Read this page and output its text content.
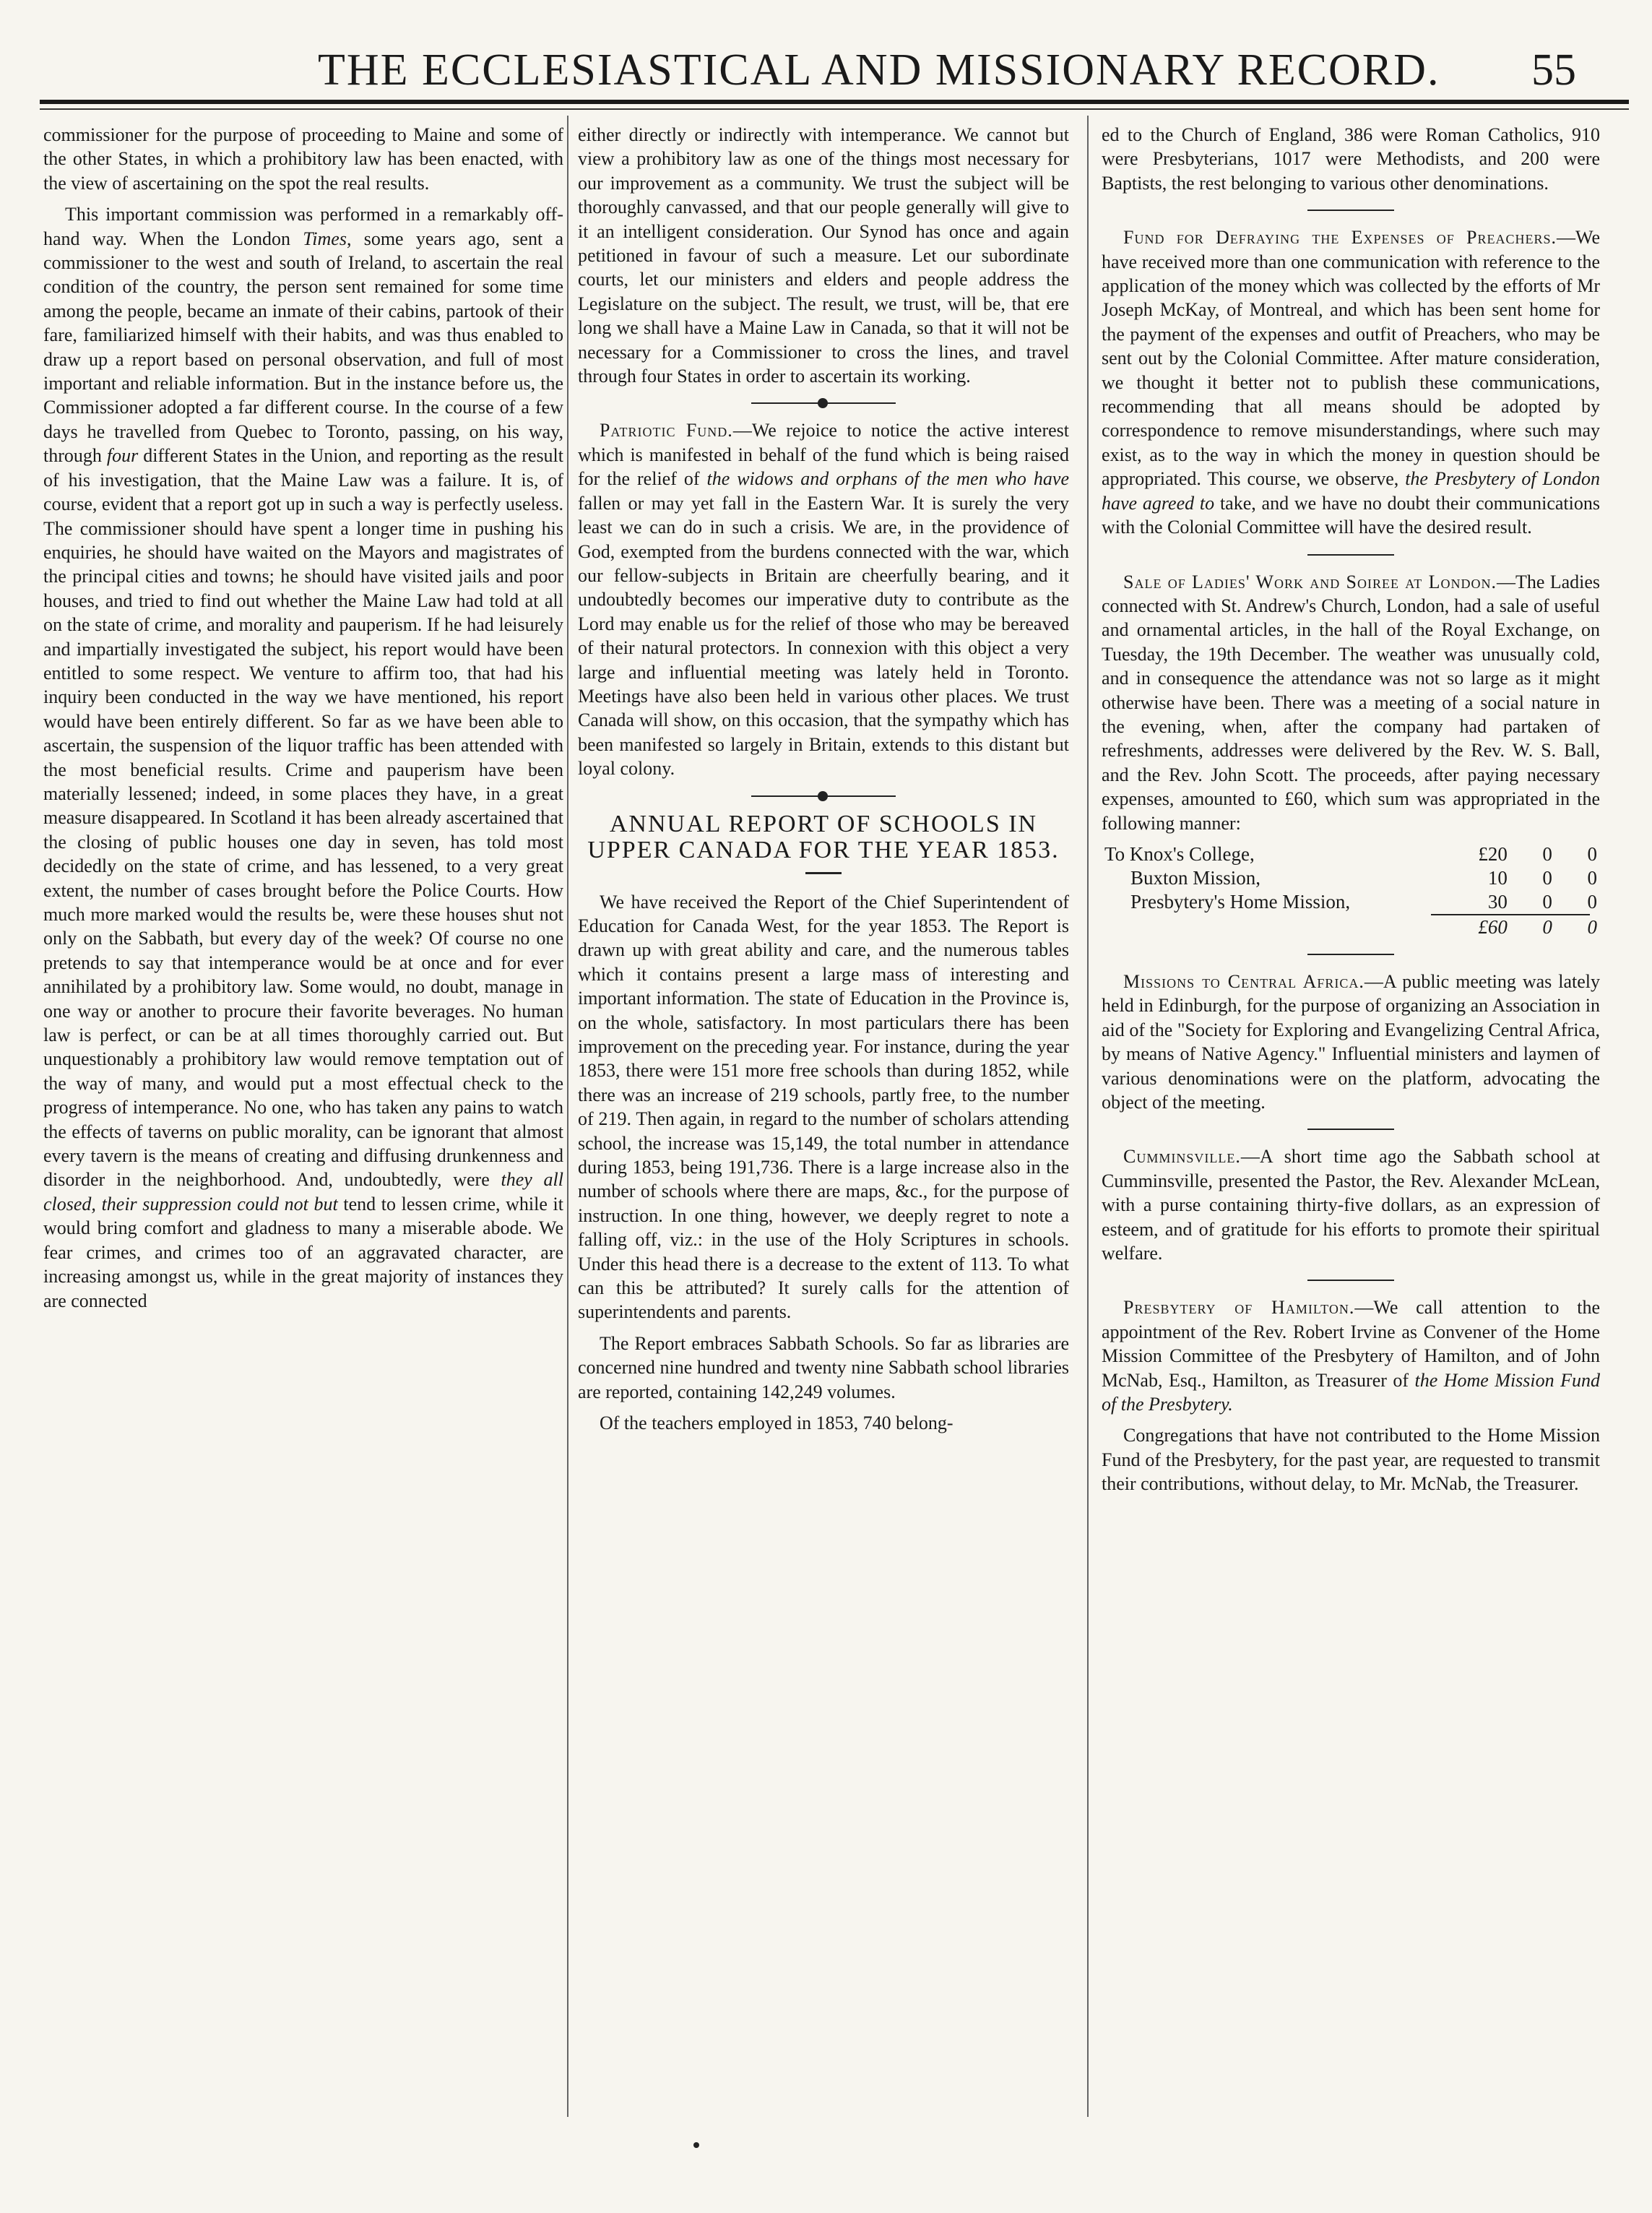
THE ECCLESIASTICAL AND MISSIONARY RECORD. 55

commissioner for the purpose of proceeding to Maine and some of the other States, in which a prohibitory law has been enacted, with the view of ascertaining on the spot the real results.

This important commission was performed in a remarkably off-hand way. When the London Times, some years ago, sent a commissioner to the west and south of Ireland, to ascertain the real condition of the country, the person sent remained for some time among the people, became an inmate of their cabins, partook of their fare, familiarized himself with their habits, and was thus enabled to draw up a report based on personal observation, and full of most important and reliable information. But in the instance before us, the Commissioner adopted a far different course. In the course of a few days he travelled from Quebec to Toronto, passing, on his way, through four different States in the Union, and reporting as the result of his investigation, that the Maine Law was a failure. It is, of course, evident that a report got up in such a way is perfectly useless. The commissioner should have spent a longer time in pushing his enquiries, he should have waited on the Mayors and magistrates of the principal cities and towns; he should have visited jails and poor houses, and tried to find out whether the Maine Law had told at all on the state of crime, and morality and pauperism. If he had leisurely and impartially investigated the subject, his report would have been entitled to some respect. We venture to affirm too, that had his inquiry been conducted in the way we have mentioned, his report would have been entirely different. So far as we have been able to ascertain, the suspension of the liquor traffic has been attended with the most beneficial results. Crime and pauperism have been materially lessened; indeed, in some places they have, in a great measure disappeared. In Scotland it has been already ascertained that the closing of public houses one day in seven, has told most decidedly on the state of crime, and has lessened, to a very great extent, the number of cases brought before the Police Courts. How much more marked would the results be, were these houses shut not only on the Sabbath, but every day of the week? Of course no one pretends to say that intemperance would be at once and for ever annihilated by a prohibitory law. Some would, no doubt, manage in one way or another to procure their favorite beverages. No human law is perfect, or can be at all times thoroughly carried out. But unquestionably a prohibitory law would remove temptation out of the way of many, and would put a most effectual check to the progress of intemperance. No one, who has taken any pains to watch the effects of taverns on public morality, can be ignorant that almost every tavern is the means of creating and diffusing drunkenness and disorder in the neighborhood. And, undoubtedly, were they all closed, their suppression could not but tend to lessen crime, while it would bring comfort and gladness to many a miserable abode. We fear crimes, and crimes too of an aggravated character, are increasing amongst us, while in the great majority of instances they are connected

either directly or indirectly with intemperance. We cannot but view a prohibitory law as one of the things most necessary for our improvement as a community. We trust the subject will be thoroughly canvassed, and that our people generally will give to it an intelligent consideration. Our Synod has once and again petitioned in favour of such a measure. Let our subordinate courts, let our ministers and elders and people address the Legislature on the subject. The result, we trust, will be, that ere long we shall have a Maine Law in Canada, so that it will not be necessary for a Commissioner to cross the lines, and travel through four States in order to ascertain its working.

Patriotic Fund.—We rejoice to notice the active interest which is manifested in behalf of the fund which is being raised for the relief of the widows and orphans of the men who have fallen or may yet fall in the Eastern War. It is surely the very least we can do in such a crisis. We are, in the providence of God, exempted from the burdens connected with the war, which our fellow-subjects in Britain are cheerfully bearing, and it undoubtedly becomes our imperative duty to contribute as the Lord may enable us for the relief of those who may be bereaved of their natural protectors. In connexion with this object a very large and influential meeting was lately held in Toronto. Meetings have also been held in various other places. We trust Canada will show, on this occasion, that the sympathy which has been manifested so largely in Britain, extends to this distant but loyal colony.

ANNUAL REPORT OF SCHOOLS IN UPPER CANADA FOR THE YEAR 1853.

We have received the Report of the Chief Superintendent of Education for Canada West, for the year 1853. The Report is drawn up with great ability and care, and the numerous tables which it contains present a large mass of interesting and important information. The state of Education in the Province is, on the whole, satisfactory. In most particulars there has been improvement on the preceding year. For instance, during the year 1853, there were 151 more free schools than during 1852, while there was an increase of 219 schools, partly free, to the number of 219. Then again, in regard to the number of scholars attending school, the increase was 15,149, the total number in attendance during 1853, being 191,736. There is a large increase also in the number of schools where there are maps, &c., for the purpose of instruction. In one thing, however, we deeply regret to note a falling off, viz.: in the use of the Holy Scriptures in schools. Under this head there is a decrease to the extent of 113. To what can this be attributed? It surely calls for the attention of superintendents and parents.

The Report embraces Sabbath Schools. So far as libraries are concerned nine hundred and twenty nine Sabbath school libraries are reported, containing 142,249 volumes.

Of the teachers employed in 1853, 740 belong-

ed to the Church of England, 386 were Roman Catholics, 910 were Presbyterians, 1017 were Methodists, and 200 were Baptists, the rest belonging to various other denominations.

Fund for Defraying the Expenses of Preachers.—We have received more than one communication with reference to the application of the money which was collected by the efforts of Mr Joseph McKay, of Montreal, and which has been sent home for the payment of the expenses and outfit of Preachers, who may be sent out by the Colonial Committee. After mature consideration, we thought it better not to publish these communications, recommending that all means should be adopted by correspondence to remove misunderstandings, where such may exist, as to the way in which the money in question should be appropriated. This course, we observe, the Presbytery of London have agreed to take, and we have no doubt their communications with the Colonial Committee will have the desired result.

Sale of Ladies' Work and Soiree at London.—The Ladies connected with St. Andrew's Church, London, had a sale of useful and ornamental articles, in the hall of the Royal Exchange, on Tuesday, the 19th December. The weather was unusually cold, and in consequence the attendance was not so large as it might otherwise have been. There was a meeting of a social nature in the evening, when, after the company had partaken of refreshments, addresses were delivered by the Rev. W. S. Ball, and the Rev. John Scott. The proceeds, after paying necessary expenses, amounted to £60, which sum was appropriated in the following manner:

To Knox's College,	£20	0	0
Buxton Mission,	10	0	0
Presbytery's Home Mission,	30	0	0

	£60	0	0

Missions to Central Africa.—A public meeting was lately held in Edinburgh, for the purpose of organizing an Association in aid of the "Society for Exploring and Evangelizing Central Africa, by means of Native Agency." Influential ministers and laymen of various denominations were on the platform, advocating the object of the meeting.

Cumminsville.—A short time ago the Sabbath school at Cumminsville, presented the Pastor, the Rev. Alexander McLean, with a purse containing thirty-five dollars, as an expression of esteem, and of gratitude for his efforts to promote their spiritual welfare.

Presbytery of Hamilton.—We call attention to the appointment of the Rev. Robert Irvine as Convener of the Home Mission Committee of the Presbytery of Hamilton, and of John McNab, Esq., Hamilton, as Treasurer of the Home Mission Fund of the Presbytery.

Congregations that have not contributed to the Home Mission Fund of the Presbytery, for the past year, are requested to transmit their contributions, without delay, to Mr. McNab, the Treasurer.
